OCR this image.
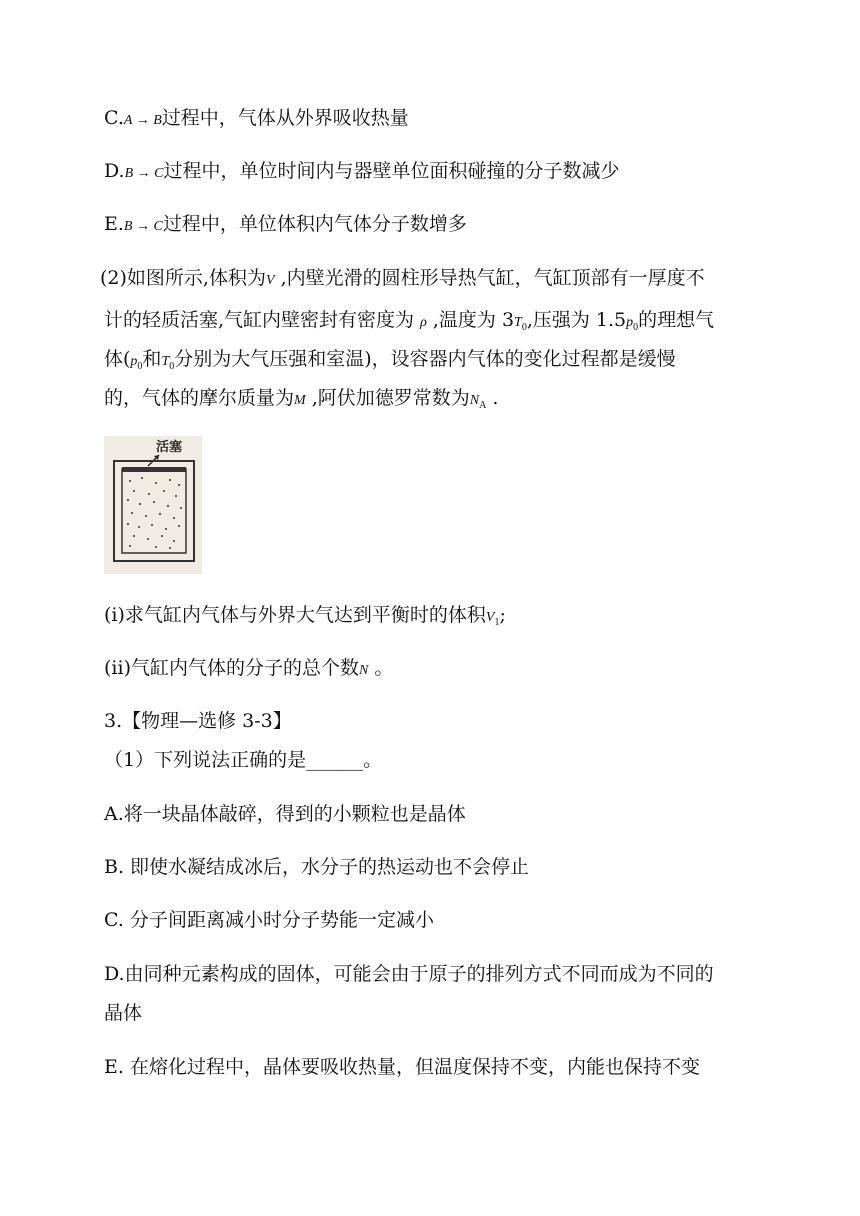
C.A → B过程中，气体从外界吸收热量
D.B → C过程中，单位时间内与器壁单位面积碰撞的分子数减少
E.B → C过程中，单位体积内气体分子数增多
(2)如图所示,体积为V ,内壁光滑的圆柱形导热气缸，气缸顶部有一厚度不
计的轻质活塞,气缸内壁密封有密度为 ρ ,温度为 $3T_0$,压强为 $1.5p_0$的理想气
体($p_0$和$T_0$分别为大气压强和室温)，设容器内气体的变化过程都是缓慢
的，气体的摩尔质量为M ,阿伏加德罗常数为$N_A$ .
活塞
(i)求气缸内气体与外界大气达到平衡时的体积$V_1$;
(ii)气缸内气体的分子的总个数N 。
3.【物理—选修 3-3】
（1）下列说法正确的是______。
A.将一块晶体敲碎，得到的小颗粒也是晶体
B. 即使水凝结成冰后，水分子的热运动也不会停止
C. 分子间距离减小时分子势能一定减小
D.由同种元素构成的固体，可能会由于原子的排列方式不同而成为不同的
晶体
E. 在熔化过程中，晶体要吸收热量，但温度保持不变，内能也保持不变
